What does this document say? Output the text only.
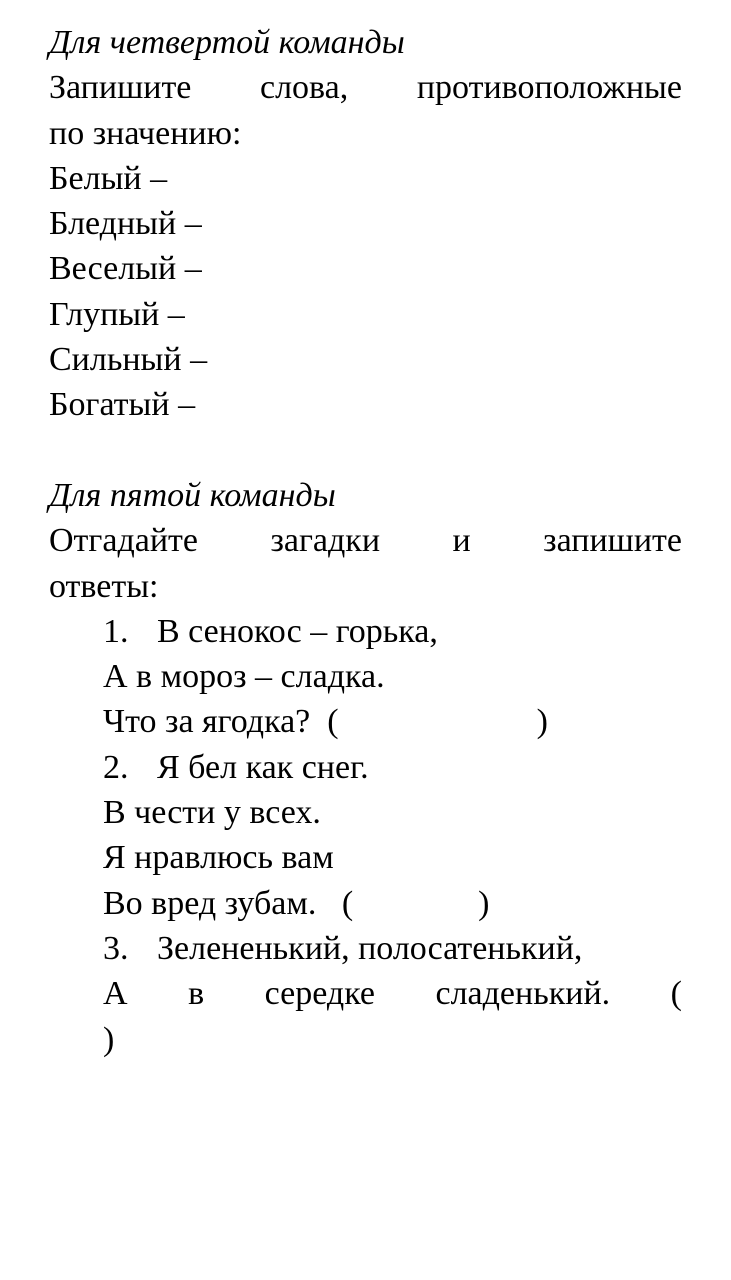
Для четвертой команды
Запишите слова, противоположные
по значению:
Белый –
Бледный –
Веселый –
Глупый –
Сильный –
Богатый –
Для пятой команды
Отгадайте загадки и запишите
ответы:
1. В сенокос – горька,
А в мороз – сладка.
Что за ягодка?  (	)
2. Я бел как снег.
В чести у всех.
Я нравлюсь вам
Во вред зубам.   (	)
3. Зелененький, полосатенький,
А в середке сладенький. (
)
